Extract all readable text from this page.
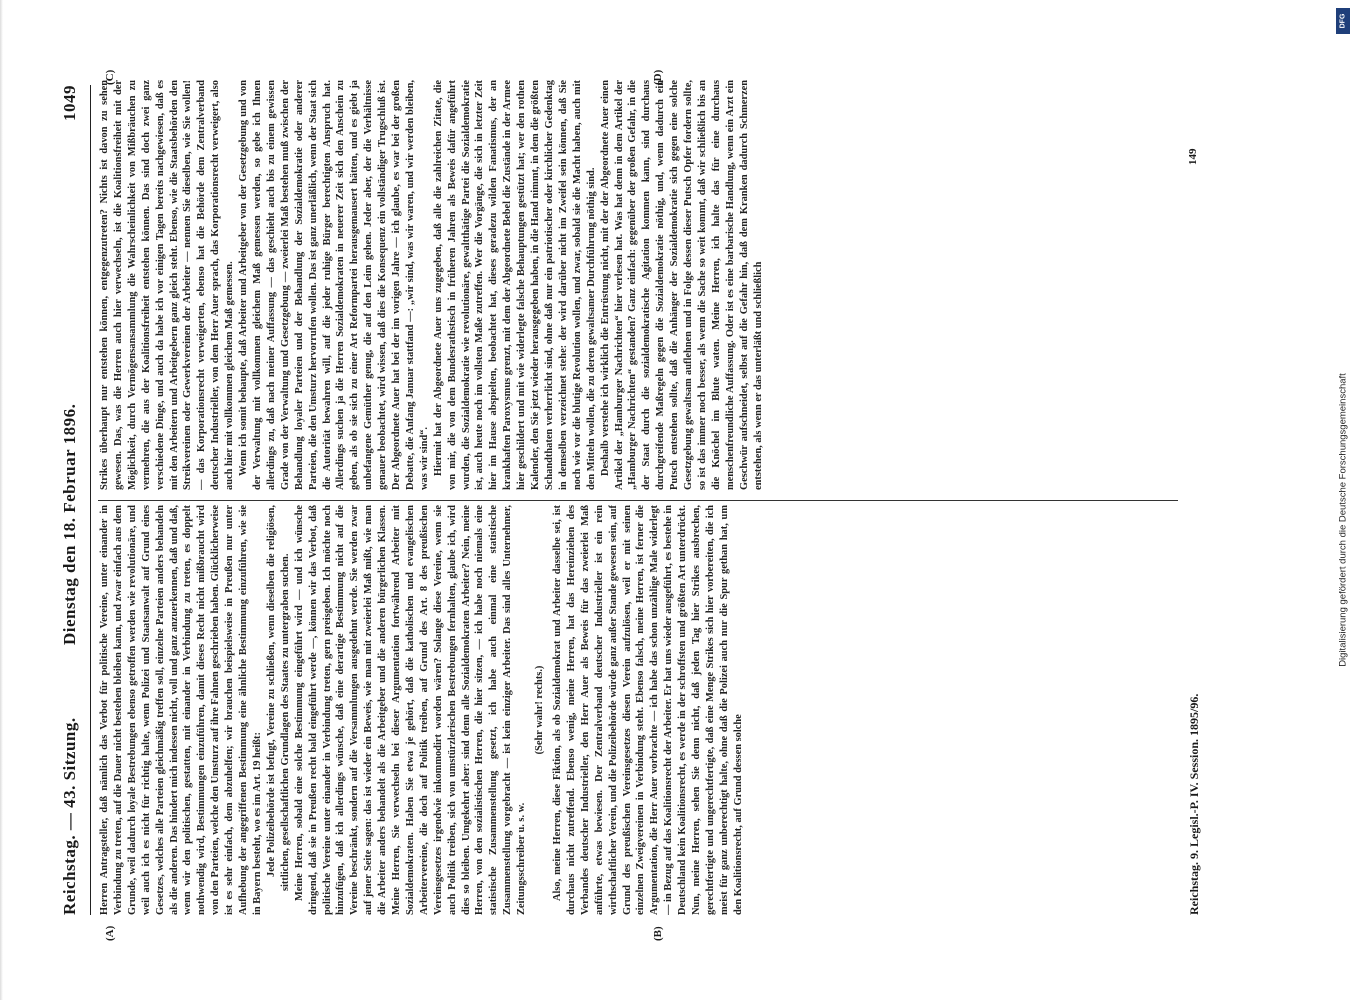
Reichstag. — 43. Sitzung.
Dienstag den 18. Februar 1896.
1049
(A)	(B)
(C)	(D)

Herren Antragsteller, daß nämlich das Verbot für politische Vereine, unter einander in Verbindung zu treten, auf die Dauer nicht bestehen bleiben kann, und zwar einfach aus dem Grunde, weil dadurch loyale Bestrebungen ebenso getroffen werden wie revolutionäre, und weil auch ich es nicht für richtig halte, wenn Polizei und Staatsanwalt auf Grund eines Gesetzes, welches alle Parteien gleichmäßig treffen soll, einzelne Parteien anders behandeln als die anderen. Das hindert mich indessen nicht, voll und ganz anzuerkennen, daß und daß, wenn wir den politischen, gestatten, mit einander in Verbindung zu treten, es doppelt nothwendig wird, Bestimmungen einzuführen, damit dieses Recht nicht mißbraucht wird von den Parteien, welche den Umsturz auf ihre Fahnen geschrieben haben. Glücklicherweise ist es sehr einfach, dem abzuhelfen; wir brauchen beispielsweise in Preußen nur unter Aufhebung der angegriffenen Bestimmung eine ähnliche Bestimmung einzuführen, wie sie in Bayern besteht, wo es im Art. 19 heißt: Jede Polizeibehörde ist befugt, Vereine zu schließen, wenn dieselben die religiösen, sittlichen, gesellschaftlichen Grundlagen des Staates zu untergraben suchen. Meine Herren, sobald eine solche Bestimmung eingeführt wird — und ich wünsche dringend, daß sie in Preußen recht bald eingeführt werde —, können wir das Verbot, daß politische Vereine unter einander in Verbindung treten, gern preisgeben. Ich möchte noch hinzufügen, daß ich allerdings wünsche, daß eine derartige Bestimmung nicht auf die Vereine beschränkt, sondern auf die Versammlungen ausgedehnt werde. Sie werden zwar auf jener Seite sagen: das ist wieder ein Beweis, wie man mit zweierlei Maß mißt, wie man die Arbeiter anders behandelt als die Arbeitgeber und die anderen bürgerlichen Klassen. Meine Herren, Sie verwechseln bei dieser Argumentation fortwährend Arbeiter mit Sozialdemokraten. Haben Sie etwa je gehört, daß die katholischen und evangelischen Arbeitervereine, die doch auf Politik treiben, auf Grund des Art. 8 des preußischen Vereinsgesetzes irgendwie inkommodirt worden wären? Solange diese Vereine, wenn sie auch Politik treiben, sich von umstürzlerischen Bestrebungen fernhalten, glaube ich, wird dies so bleiben. Umgekehrt aber: sind denn alle Sozialdemokraten Arbeiter? Nein, meine Herren, von den sozialistischen Herren, die hier sitzen, — ich habe noch niemals eine statistische Zusammenstellung gesetzt, ich habe auch einmal eine statistische Zusammenstellung vorgebracht — ist kein einziger Arbeiter. Das sind alles Unternehmer, Zeitungsschreiber u. s. w.

(Sehr wahr! rechts.) Also, meine Herren, diese Fiktion, als ob Sozialdemokrat und Arbeiter dasselbe sei, ist durchaus nicht zutreffend. Ebenso wenig, meine Herren, hat das Hereinziehen des Verbandes deutscher Industrieller, den Herr Auer als Beweis für das zweierlei Maß anführte, etwas bewiesen. Der Zentralverband deutscher Industrieller ist ein rein wirthschaftlicher Verein, und die Polizeibehörde würde ganz außer Stande gewesen sein, auf Grund des preußischen Vereinsgesetzes diesen Verein aufzulösen, weil er mit seinen einzelnen Zweigvereinen in Verbindung steht. Ebenso falsch, meine Herren, ist ferner die Argumentation, die Herr Auer vorbrachte — ich habe das schon unzählige Male widerlegt — in Bezug auf das Koalitionsrecht der Arbeiter. Er hat uns wieder ausgeführt, es bestehe in Deutschland kein Koalitionsrecht, es werde in der schroffsten und größten Art unterdrückt. Nun, meine Herren, sehen Sie denn nicht, daß jeden Tag hier Strikes ausbrechen, gerechtfertigte und ungerechtfertigte, daß eine Menge Strikes sich hier vorbereiten, die ich meist für ganz unberechtigt halte, ohne daß die Polizei auch nur die Spur gethan hat, um den Koalitionsrecht, auf Grund dessen solche

Strikes überhaupt nur entstehen können, entgegenzutreten? Nichts ist davon zu sehen gewesen. Das, was die Herren auch hier verwechseln, ist die Koalitionsfreiheit mit der Möglichkeit, durch Vermögensansammlung die Wahrscheinlichkeit von Mißbräuchen zu vermehren, die aus der Koalitionsfreiheit entstehen können. Das sind doch zwei ganz verschiedene Dinge, und auch da habe ich vor einigen Tagen bereits nachgewiesen, daß es mit den Arbeitern und Arbeitgebern ganz gleich steht. Ebenso, wie die Staatsbehörden den Streikvereinen oder Gewerkvereinen der Arbeiter — nennen Sie dieselben, wie Sie wollen! — das Korporationsrecht verweigerten, ebenso hat die Behörde dem Zentralverband deutscher Industrieller, von dem Herr Auer sprach, das Korporationsrecht verweigert, also auch hier mit vollkommen gleichem Maß gemessen. Wenn ich somit behaupte, daß Arbeiter und Arbeitgeber von der Gesetzgebung und von der Verwaltung mit vollkommen gleichem Maß gemessen werden, so gebe ich Ihnen allerdings zu, daß nach meiner Auffassung — das geschieht auch bis zu einem gewissen Grade von der Verwaltung und Gesetzgebung — zweierlei Maß bestehen muß zwischen der Behandlung loyaler Parteien und der Behandlung der Sozialdemokratie oder anderer Parteien, die den Umsturz hervorrufen wollen. Das ist ganz unerläßlich, wenn der Staat sich die Autorität bewahren will, auf die jeder ruhige Bürger berechtigten Anspruch hat. Allerdings suchen ja die Herren Sozialdemokraten in neuerer Zeit sich den Anschein zu geben, als ob sie sich zu einer Art Reformpartei herausgemausert hätten, und es giebt ja unbefangene Gemüther genug, die auf den Leim gehen. Jeder aber, der die Verhältnisse genauer beobachtet, wird wissen, daß dies die Konsequenz ein vollständiger Trugschluß ist. Der Abgeordnete Auer hat bei der im vorigen Jahre — ich glaube, es war bei der großen Debatte, die Anfang Januar stattfand —: „wir sind, was wir waren, und wir werden bleiben, was wir sind“. Hiermit hat der Abgeordnete Auer uns zugegeben, daß alle die zahlreichen Zitate, die von mir, die von dem Bundesrathstisch in früheren Jahren als Beweis dafür angeführt wurden, die Sozialdemokratie wie revolutionäre, gewaltthätige Partei die Sozialdemokratie ist, auch heute noch im vollsten Maße zutreffen. Wer die Vorgänge, die sich in letzter Zeit hier im Hause abspielten, beobachtet hat, dieses geradezu wilden Fanatismus, der an krankhaften Paroxysmus grenzt, mit dem der Abgeordnete Bebel die Zustände in der Armee hier geschildert und mit wie widerlegte falsche Behauptungen gestützt hat; wer den rothen Kalender, den Sie jetzt wieder herausgegeben haben, in die Hand nimmt, in dem die größten Schandthaten verherrlicht sind, ohne daß nur ein patriotischer oder kirchlicher Gedenktag in demselben verzeichnet stehe: der wird darüber nicht im Zweifel sein können, daß Sie noch wie vor die blutige Revolution wollen, und zwar, sobald sie die Macht haben, auch mit den Mitteln wollen, die zu deren gewaltsamer Durchführung nöthig sind. Deshalb verstehe ich wirklich die Entrüstung nicht, mit der der Abgeordnete Auer einen Artikel der „Hamburger Nachrichten“ hier verlesen hat. Was hat denn in dem Artikel der „Hamburger Nachrichten“ gestanden? Ganz einfach: gegenüber der großen Gefahr, in die der Staat durch die sozialdemokratische Agitation kommen kann, sind durchaus durchgreifende Maßregeln gegen die Sozialdemokratie nöthig, und, wenn dadurch ein Putsch entstehen sollte, daß die Anhänger der Sozialdemokratie sich gegen eine solche Gesetzgebung gewaltsam auflehnen und in Folge dessen dieser Putsch Opfer fordern sollte, so ist das immer noch besser, als wenn die Sache so weit kommt, daß wir schließlich bis an die Knöchel im Blute waten. Meine Herren, ich halte das für eine durchaus menschenfreundliche Auffassung. Oder ist es eine barbarische Handlung, wenn ein Arzt ein Geschwür aufschneidet, selbst auf die Gefahr hin, daß dem Kranken dadurch Schmerzen entstehen, als wenn er das unterläßt und schließlich

Reichstag. 9. Legisl.-P. IV. Session. 1895/96.
149
DFG
Digitalisierung gefördert durch die Deutsche Forschungsgemeinschaft
